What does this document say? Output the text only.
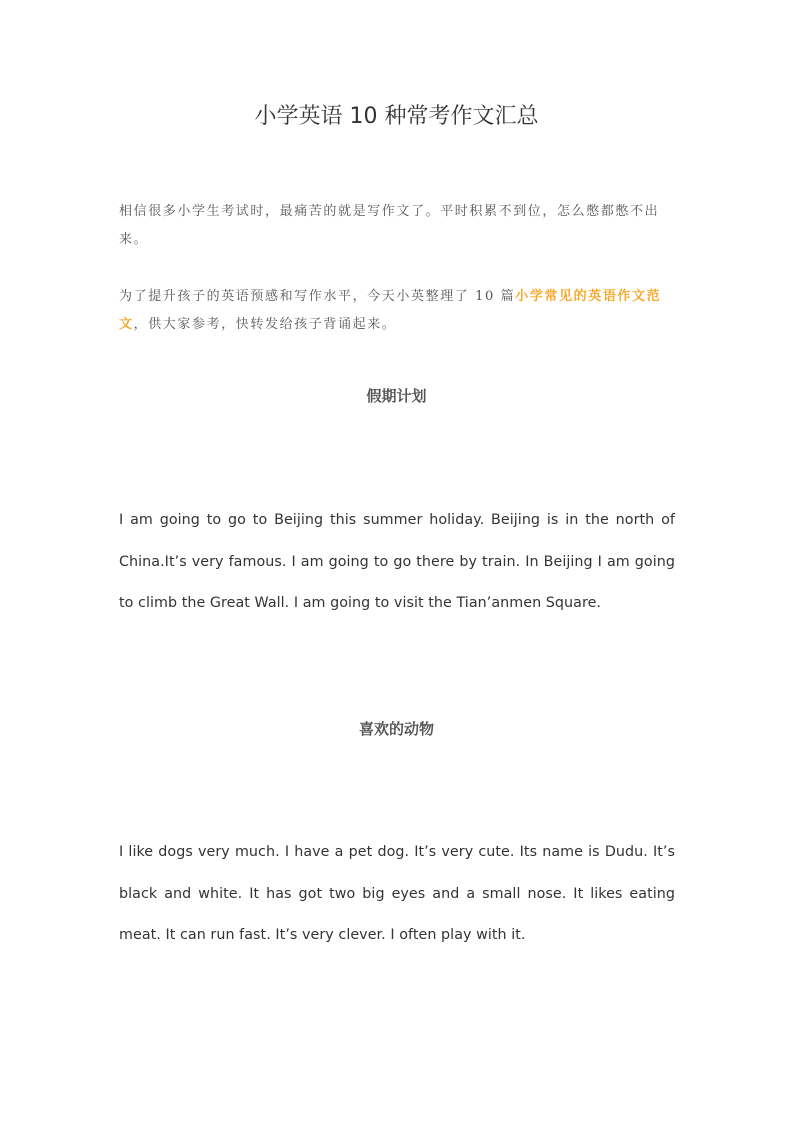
小学英语 10 种常考作文汇总

相信很多小学生考试时，最痛苦的就是写作文了。平时积累不到位，怎么憋都憋不出来。

为了提升孩子的英语预感和写作水平，今天小英整理了 10 篇小学常见的英语作文范文，供大家参考，快转发给孩子背诵起来。

假期计划

I am going to go to Beijing this summer holiday. Beijing is in the north of China.It’s very famous. I am going to go there by train. In Beijing I am going to climb the Great Wall. I am going to visit the Tian’anmen Square.

喜欢的动物

I like dogs very much. I have a pet dog. It’s very cute. Its name is Dudu. It’s black and white. It has got two big eyes and a small nose. It likes eating meat. It can run fast. It’s very clever. I often play with it.
